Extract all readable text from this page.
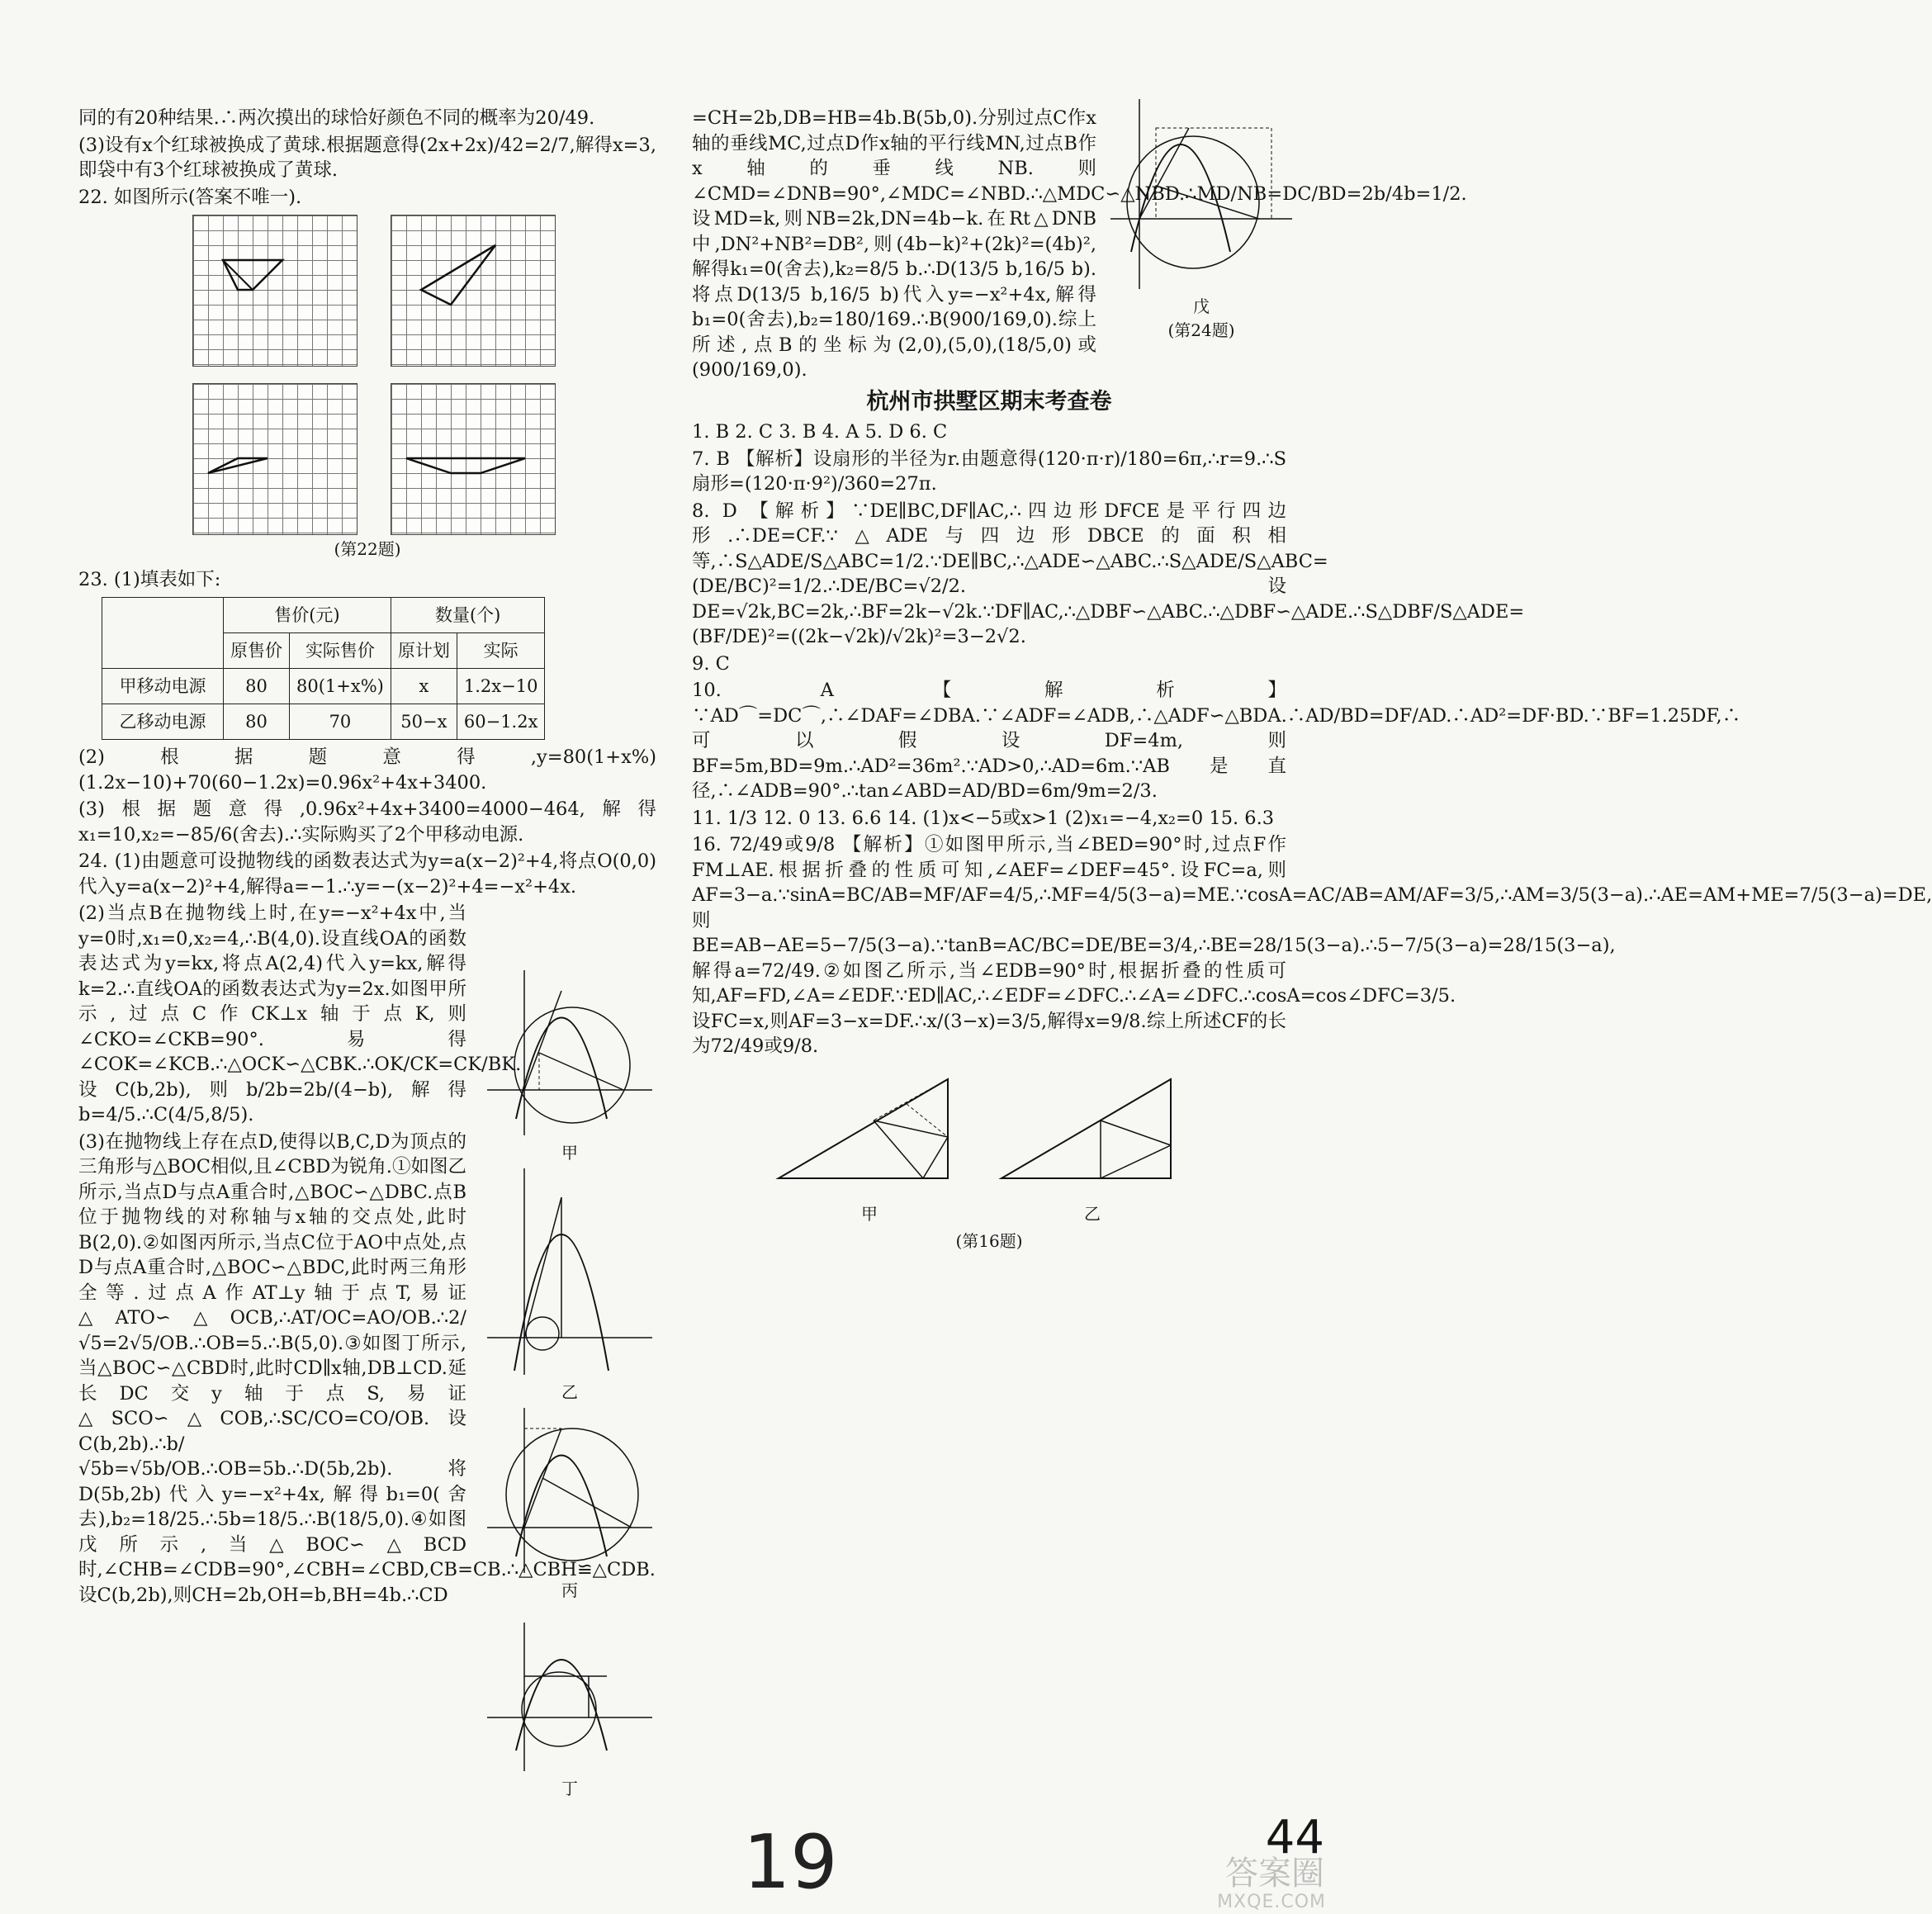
同的有20种结果.∴两次摸出的球恰好颜色不同的概率为20/49.

(3)设有x个红球被换成了黄球.根据题意得(2x+2x)/42=2/7,解得x=3,即袋中有3个红球被换成了黄球.

22. 如图所示(答案不唯一).

(第22题)

23. (1)填表如下:

	售价(元)		数量(个)	
	原售价	实际售价	原计划	实际
甲移动电源	80	80(1+x%)	x	1.2x−10
乙移动电源	80	70	50−x	60−1.2x

(2)根据题意得,y=80(1+x%)(1.2x−10)+70(60−1.2x)=0.96x²+4x+3400.

(3)根据题意得,0.96x²+4x+3400=4000−464,解得x₁=10,x₂=−85/6(舍去).∴实际购买了2个甲移动电源.

24. (1)由题意可设抛物线的函数表达式为y=a(x−2)²+4,将点O(0,0)代入y=a(x−2)²+4,解得a=−1.∴y=−(x−2)²+4=−x²+4x.

(2)当点B在抛物线上时,在y=−x²+4x中,当y=0时,x₁=0,x₂=4,∴B(4,0).设直线OA的函数表达式为y=kx,将点A(2,4)代入y=kx,解得k=2.∴直线OA的函数表达式为y=2x.如图甲所示,过点C作CK⊥x轴于点K,则∠CKO=∠CKB=90°.易得∠COK=∠KCB.∴△OCK∽△CBK.∴OK/CK=CK/BK.设C(b,2b),则b/2b=2b/(4−b),解得b=4/5.∴C(4/5,8/5).

(3)在抛物线上存在点D,使得以B,C,D为顶点的三角形与△BOC相似,且∠CBD为锐角.①如图乙所示,当点D与点A重合时,△BOC∽△DBC.点B位于抛物线的对称轴与x轴的交点处,此时B(2,0).②如图丙所示,当点C位于AO中点处,点D与点A重合时,△BOC∽△BDC,此时两三角形全等.过点A作AT⊥y轴于点T,易证△ATO∽△OCB,∴AT/OC=AO/OB.∴2/√5=2√5/OB.∴OB=5.∴B(5,0).③如图丁所示,当△BOC∽△CBD时,此时CD∥x轴,DB⊥CD.延长DC交y轴于点S,易证△SCO∽△COB,∴SC/CO=CO/OB.设C(b,2b).∴b/√5b=√5b/OB.∴OB=5b.∴D(5b,2b).将D(5b,2b)代入y=−x²+4x,解得b₁=0(舍去),b₂=18/25.∴5b=18/5.∴B(18/5,0).④如图戊所示,当△BOC∽△BCD时,∠CHB=∠CDB=90°,∠CBH=∠CBD,CB=CB.∴△CBH≌△CDB.设C(b,2b),则CH=2b,OH=b,BH=4b.∴CD

甲
乙
丙
丁

=CH=2b,DB=HB=4b.B(5b,0).分别过点C作x轴的垂线MC,过点D作x轴的平行线MN,过点B作x轴的垂线NB.则∠CMD=∠DNB=90°,∠MDC=∠NBD.∴△MDC∽△NBD.∴MD/NB=DC/BD=2b/4b=1/2.设MD=k,则NB=2k,DN=4b−k.在Rt△DNB中,DN²+NB²=DB²,则(4b−k)²+(2k)²=(4b)²,解得k₁=0(舍去),k₂=8/5 b.∴D(13/5 b,16/5 b).将点D(13/5 b,16/5 b)代入y=−x²+4x,解得b₁=0(舍去),b₂=180/169.∴B(900/169,0).综上所述,点B的坐标为(2,0),(5,0),(18/5,0)或(900/169,0).

杭州市拱墅区期末考查卷

1. B 2. C 3. B 4. A 5. D 6. C

7. B 【解析】设扇形的半径为r.由题意得(120·π·r)/180=6π,∴r=9.∴S扇形=(120·π·9²)/360=27π.

8. D 【解析】∵DE∥BC,DF∥AC,∴四边形DFCE是平行四边形.∴DE=CF.∵△ADE与四边形DBCE的面积相等,∴S△ADE/S△ABC=1/2.∵DE∥BC,∴△ADE∽△ABC.∴S△ADE/S△ABC=(DE/BC)²=1/2.∴DE/BC=√2/2.设DE=√2k,BC=2k,∴BF=2k−√2k.∵DF∥AC,∴△DBF∽△ABC.∴△DBF∽△ADE.∴S△DBF/S△ADE=(BF/DE)²=((2k−√2k)/√2k)²=3−2√2.

9. C

10. A 【解析】∵AD⌒=DC⌒,∴∠DAF=∠DBA.∵∠ADF=∠ADB,∴△ADF∽△BDA.∴AD/BD=DF/AD.∴AD²=DF·BD.∵BF=1.25DF,∴可以假设DF=4m,则BF=5m,BD=9m.∴AD²=36m².∵AD>0,∴AD=6m.∵AB是直径,∴∠ADB=90°.∴tan∠ABD=AD/BD=6m/9m=2/3.

11. 1/3 12. 0 13. 6.6 14. (1)x<−5或x>1 (2)x₁=−4,x₂=0 15. 6.3

16. 72/49或9/8 【解析】①如图甲所示,当∠BED=90°时,过点F作FM⊥AE.根据折叠的性质可知,∠AEF=∠DEF=45°.设FC=a,则AF=3−a.∵sinA=BC/AB=MF/AF=4/5,∴MF=4/5(3−a)=ME.∵cosA=AC/AB=AM/AF=3/5,∴AM=3/5(3−a).∴AE=AM+ME=7/5(3−a)=DE,则BE=AB−AE=5−7/5(3−a).∵tanB=AC/BC=DE/BE=3/4,∴BE=28/15(3−a).∴5−7/5(3−a)=28/15(3−a),解得a=72/49.②如图乙所示,当∠EDB=90°时,根据折叠的性质可知,AF=FD,∠A=∠EDF.∵ED∥AC,∴∠EDF=∠DFC.∴∠A=∠DFC.∴cosA=cos∠DFC=3/5.设FC=x,则AF=3−x=DF.∴x/(3−x)=3/5,解得x=9/8.综上所述CF的长为72/49或9/8.

甲	乙
(第16题)
戊
(第24题)
19	44
答案圈
MXQE.COM
